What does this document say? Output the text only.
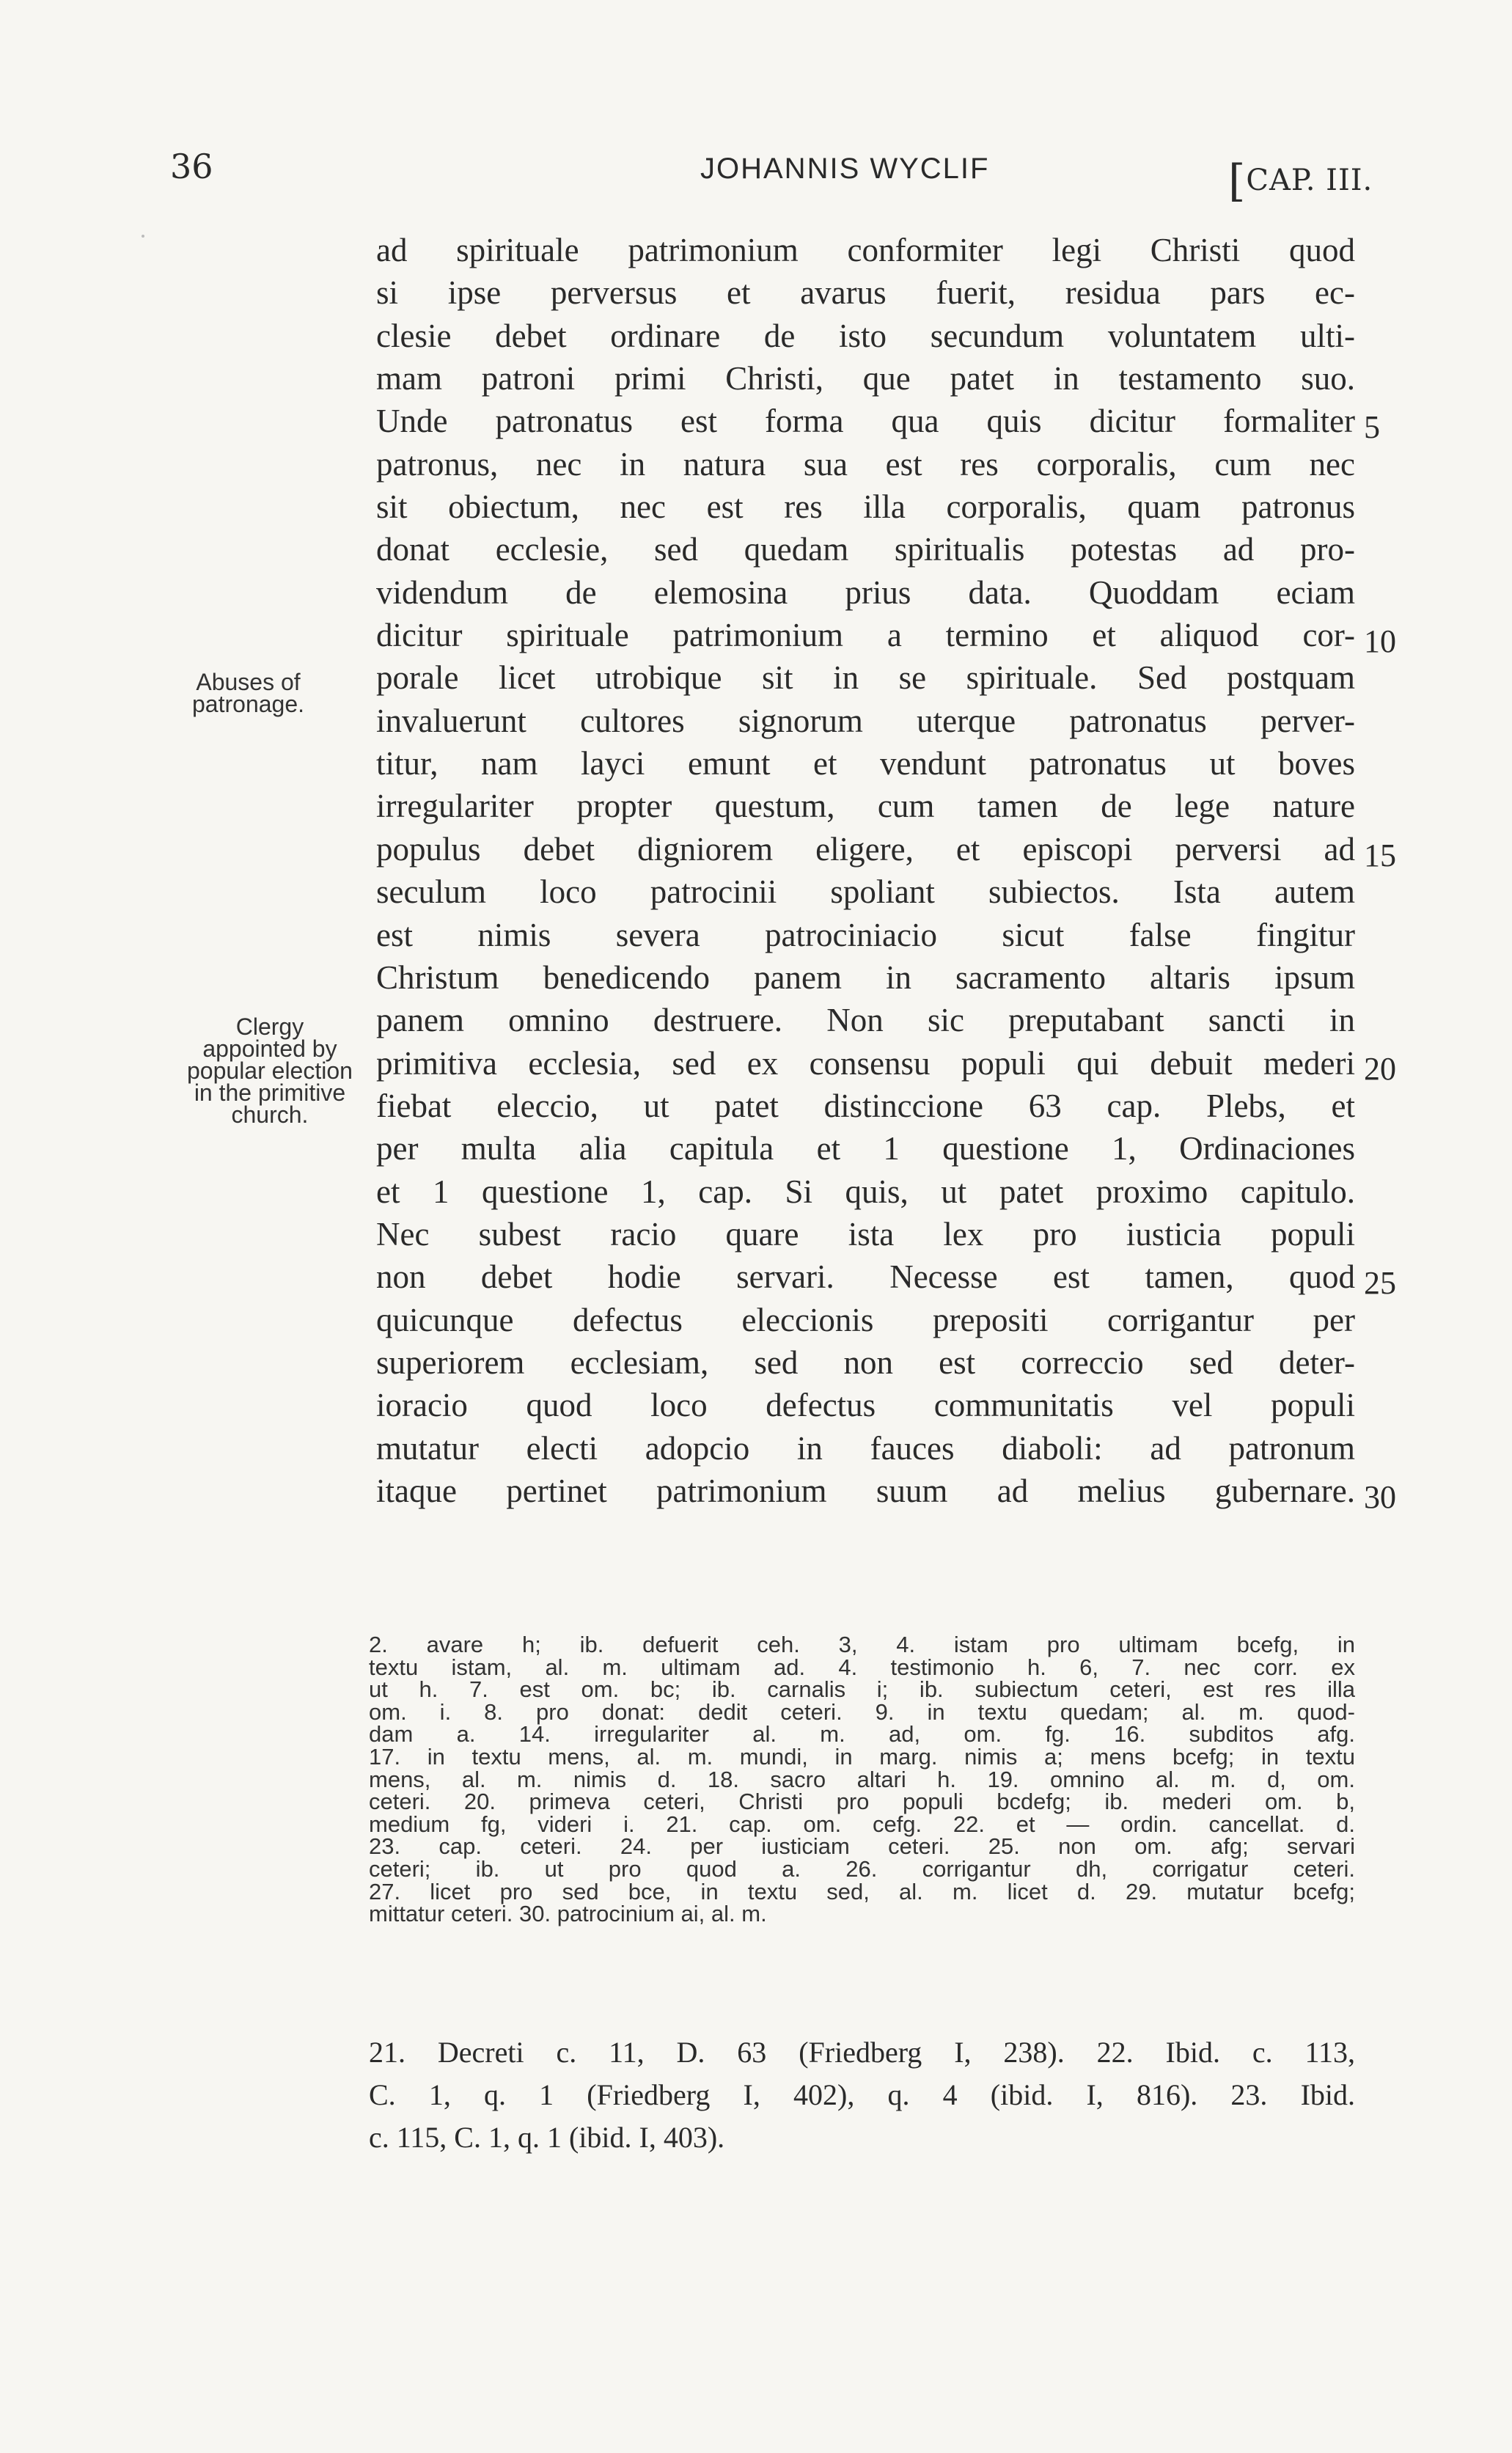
36	JOHANNIS WYCLIF	[CAP. III.
ad spirituale patrimonium conformiter legi Christi quod
si ipse perversus et avarus fuerit, residua pars ec-
clesie debet ordinare de isto secundum voluntatem ulti-
mam patroni primi Christi, que patet in testamento suo.
Unde patronatus est forma qua quis dicitur formaliter
patronus, nec in natura sua est res corporalis, cum nec
sit obiectum, nec est res illa corporalis, quam patronus
donat ecclesie, sed quedam spiritualis potestas ad pro-
videndum de elemosina prius data. Quoddam eciam
dicitur spirituale patrimonium a termino et aliquod cor-
porale licet utrobique sit in se spirituale. Sed postquam
invaluerunt cultores signorum uterque patronatus perver-
titur, nam layci emunt et vendunt patronatus ut boves
irregulariter propter questum, cum tamen de lege nature
populus debet digniorem eligere, et episcopi perversi ad
seculum loco patrocinii spoliant subiectos. Ista autem
est nimis severa patrociniacio sicut false fingitur
Christum benedicendo panem in sacramento altaris ipsum
panem omnino destruere. Non sic preputabant sancti in
primitiva ecclesia, sed ex consensu populi qui debuit mederi
fiebat eleccio, ut patet distinccione 63 cap. Plebs, et
per multa alia capitula et 1 questione 1, Ordinaciones
et 1 questione 1, cap. Si quis, ut patet proximo capitulo.
Nec subest racio quare ista lex pro iusticia populi
non debet hodie servari. Necesse est tamen, quod
quicunque defectus eleccionis prepositi corrigantur per
superiorem ecclesiam, sed non est correccio sed deter-
ioracio quod loco defectus communitatis vel populi
mutatur electi adopcio in fauces diaboli: ad patronum
itaque pertinet patrimonium suum ad melius gubernare.
5
10
15
20
25
30
Abuses of
patronage.
Clergy
appointed by
popular election
in the primitive
church.
2. avare h; ib. defuerit ceh. 3, 4. istam pro ultimam bcefg, in
textu istam, al. m. ultimam ad. 4. testimonio h. 6, 7. nec corr. ex
ut h. 7. est om. bc; ib. carnalis i; ib. subiectum ceteri, est res illa
om. i. 8. pro donat: dedit ceteri. 9. in textu quedam; al. m. quod-
dam a. 14. irregulariter al. m. ad, om. fg. 16. subditos afg.
17. in textu mens, al. m. mundi, in marg. nimis a; mens bcefg; in textu
mens, al. m. nimis d. 18. sacro altari h. 19. omnino al. m. d, om.
ceteri. 20. primeva ceteri, Christi pro populi bcdefg; ib. mederi om. b,
medium fg, videri i. 21. cap. om. cefg. 22. et — ordin. cancellat. d.
23. cap. ceteri. 24. per iusticiam ceteri. 25. non om. afg; servari
ceteri; ib. ut pro quod a. 26. corrigantur dh, corrigatur ceteri.
27. licet pro sed bce, in textu sed, al. m. licet d. 29. mutatur bcefg;
mittatur ceteri. 30. patrocinium ai, al. m.
21. Decreti c. 11, D. 63 (Friedberg I, 238). 22. Ibid. c. 113,
C. 1, q. 1 (Friedberg I, 402), q. 4 (ibid. I, 816). 23. Ibid.
c. 115, C. 1, q. 1 (ibid. I, 403).
